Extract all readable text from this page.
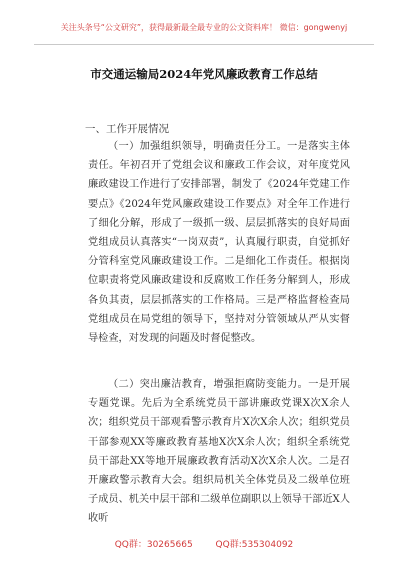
关注头条号“公文研究”，获得最新最全最专业的公文资料库！ 微信：gongwenyj
市交通运输局2024年党风廉政教育工作总结
一、工作开展情况
（一）加强组织领导，明确责任分工。一是落实主体责任。年初召开了党组会议和廉政工作会议，对年度党风廉政建设工作进行了安排部署，制发了《2024年党建工作要点》《2024年党风廉政建设工作要点》对全年工作进行了细化分解，形成了一级抓一级、层层抓落实的良好局面党组成员认真落实“一岗双责”，认真履行职责，自觉抓好分管科室党风廉政建设工作。二是细化工作责任。根据岗位职责将党风廉政建设和反腐败工作任务分解到人，形成各负其责，层层抓落实的工作格局。三是严格监督检查局党组成员在局党组的领导下，坚持对分管领域从严从实督导检查，对发现的问题及时督促整改。
（二）突出廉洁教育，增强拒腐防变能力。一是开展专题党课。先后为全系统党员干部讲廉政党课X次X余人次；组织党员干部观看警示教育片X次X余人次；组织党员干部参观XX等廉政教育基地X次X余人次；组织全系统党员干部赴XX等地开展廉政教育活动X次X余人次。二是召开廉政警示教育大会。组织局机关全体党员及二级单位班子成员、机关中层干部和二级单位副职以上领导干部近X人收听
QQ群：30265665	QQ群:535304092
